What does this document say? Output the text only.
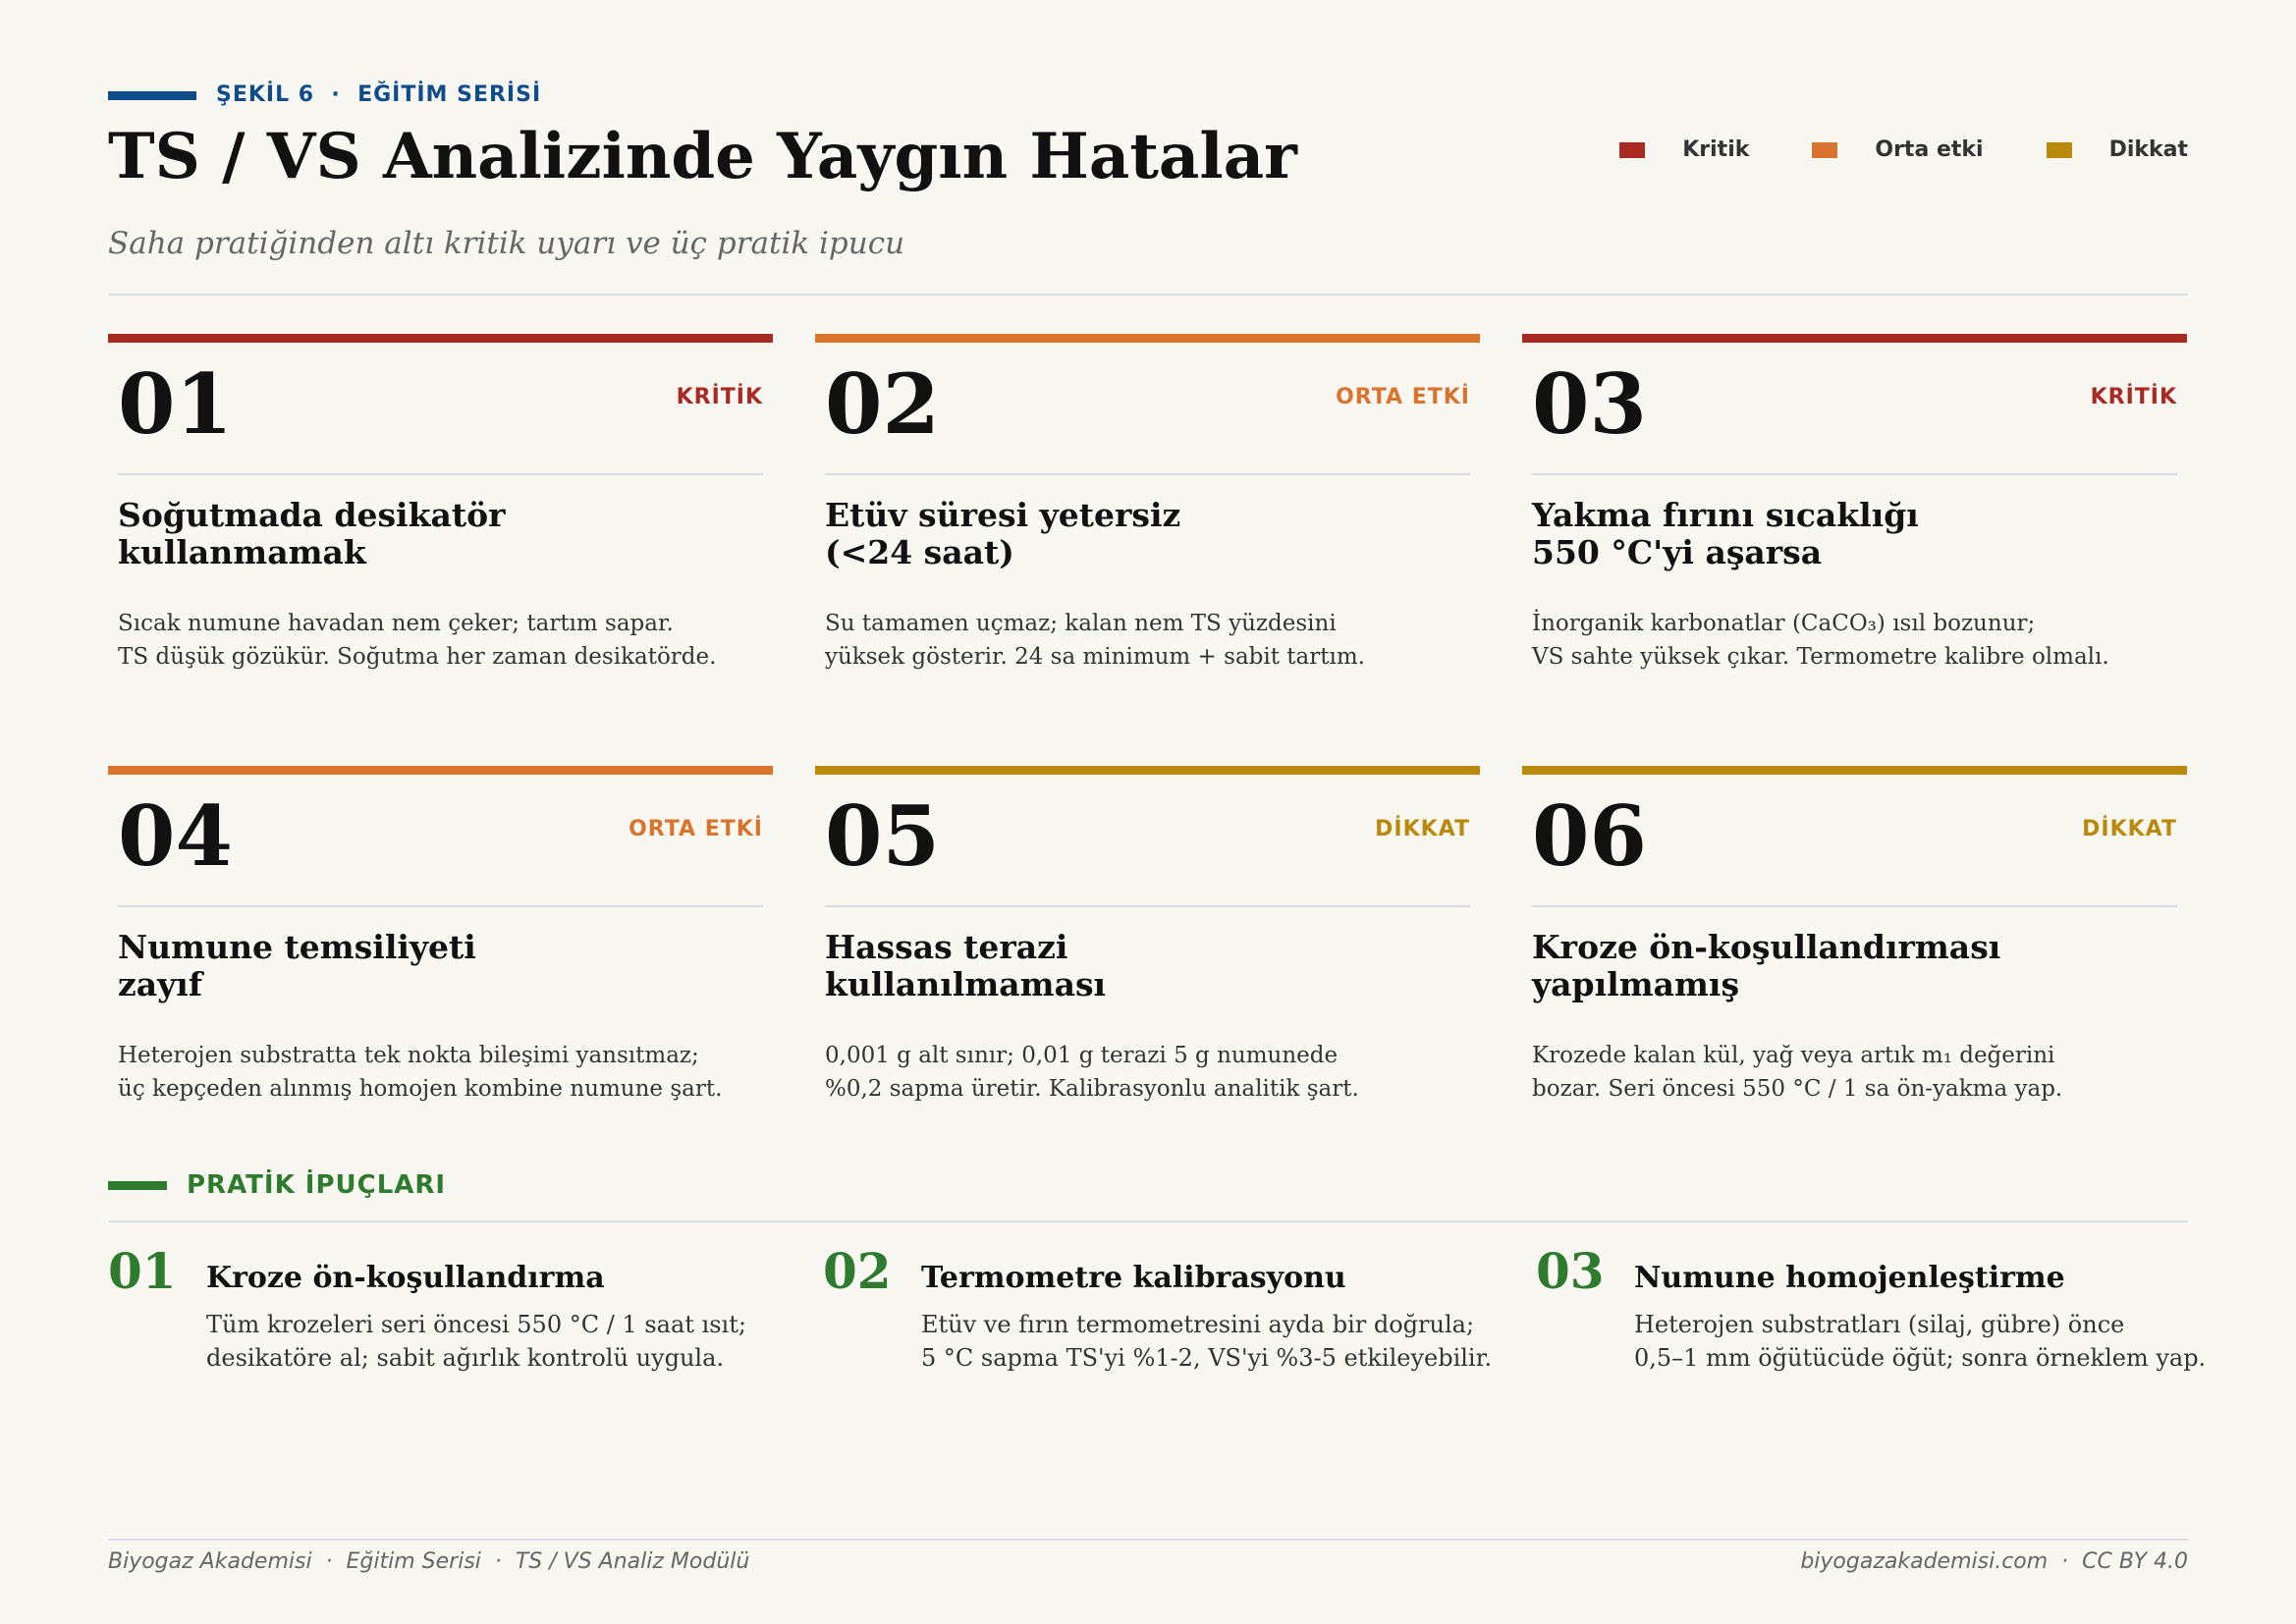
ŞEKİL 6  ·  EĞİTİM SERİSİ
TS / VS Analizinde Yaygın Hatalar
Saha pratiğinden altı kritik uyarı ve üç pratik ipucu
Kritik	Orta etki	Dikkat
01	KRİTİK
Soğutmada desikatör
kullanmamak

Sıcak numune havadan nem çeker; tartım sapar.
TS düşük gözükür. Soğutma her zaman desikatörde.

02	ORTA ETKİ
Etüv süresi yetersiz
(<24 saat)

Su tamamen uçmaz; kalan nem TS yüzdesini
yüksek gösterir. 24 sa minimum + sabit tartım.

03	KRİTİK
Yakma fırını sıcaklığı
550 °C'yi aşarsa

İnorganik karbonatlar (CaCO₃) ısıl bozunur;
VS sahte yüksek çıkar. Termometre kalibre olmalı.

04	ORTA ETKİ
Numune temsiliyeti
zayıf

Heterojen substratta tek nokta bileşimi yansıtmaz;
üç kepçeden alınmış homojen kombine numune şart.

05	DİKKAT
Hassas terazi
kullanılmaması

0,001 g alt sınır; 0,01 g terazi 5 g numunede
%0,2 sapma üretir. Kalibrasyonlu analitik şart.

06	DİKKAT
Kroze ön-koşullandırması
yapılmamış

Krozede kalan kül, yağ veya artık m₁ değerini
bozar. Seri öncesi 550 °C / 1 sa ön-yakma yap.

PRATİK İPUÇLARI
01 Kroze ön-koşullandırma

Tüm krozeleri seri öncesi 550 °C / 1 saat ısıt;
desikatöre al; sabit ağırlık kontrolü uygula.

02 Termometre kalibrasyonu

Etüv ve fırın termometresini ayda bir doğrula;
5 °C sapma TS'yi %1-2, VS'yi %3-5 etkileyebilir.

03 Numune homojenleştirme

Heterojen substratları (silaj, gübre) önce
0,5–1 mm öğütücüde öğüt; sonra örneklem yap.

Biyogaz Akademisi  ·  Eğitim Serisi  ·  TS / VS Analiz Modülü	biyogazakademisi.com  ·  CC BY 4.0
